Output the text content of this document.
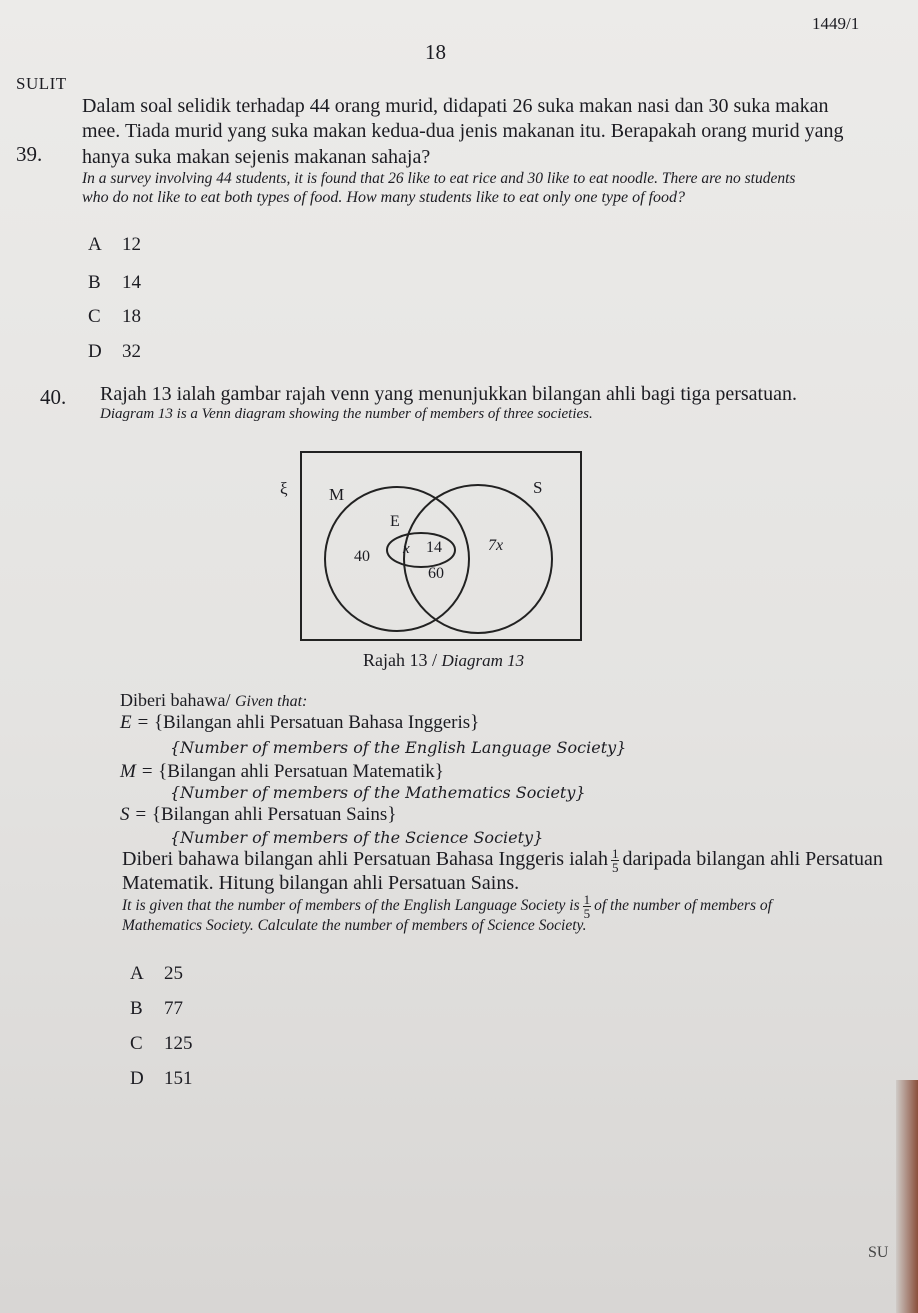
1449/1
18
SULIT
39.
Dalam soal selidik terhadap 44 orang murid, didapati 26 suka makan nasi dan 30 suka makan
mee. Tiada murid yang suka makan kedua-dua jenis makanan itu. Berapakah orang murid yang
hanya suka makan sejenis makanan sahaja?
In a survey involving 44 students, it is found that 26 like to eat rice and 30 like to eat noodle. There are no students
who do not like to eat both types of food. How many students like to eat only one type of food?
A 12
B 14
C 18
D 32
40. Rajah 13 ialah gambar rajah venn yang menunjukkan bilangan ahli bagi tiga persatuan.
Diagram 13 is a Venn diagram showing the number of members of three societies.
ξ M	S
E
40 x 14
60
7x
Rajah 13 / Diagram 13
Diberi bahawa/ Given that:
E = {Bilangan ahli Persatuan Bahasa Inggeris}
{Number of members of the English Language Society}
M = {Bilangan ahli Persatuan Matematik}
{Number of members of the Mathematics Society}
S = {Bilangan ahli Persatuan Sains}
{Number of members of the Science Society}
Diberi bahawa bilangan ahli Persatuan Bahasa Inggeris ialah $\frac{1}{5}$ daripada bilangan ahli Persatuan
Matematik. Hitung bilangan ahli Persatuan Sains.
It is given that the number of members of the English Language Society is $\frac{1}{5}$ of the number of members of
Mathematics Society. Calculate the number of members of Science Society.
A 25
B 77
C 125
D 151
SU
